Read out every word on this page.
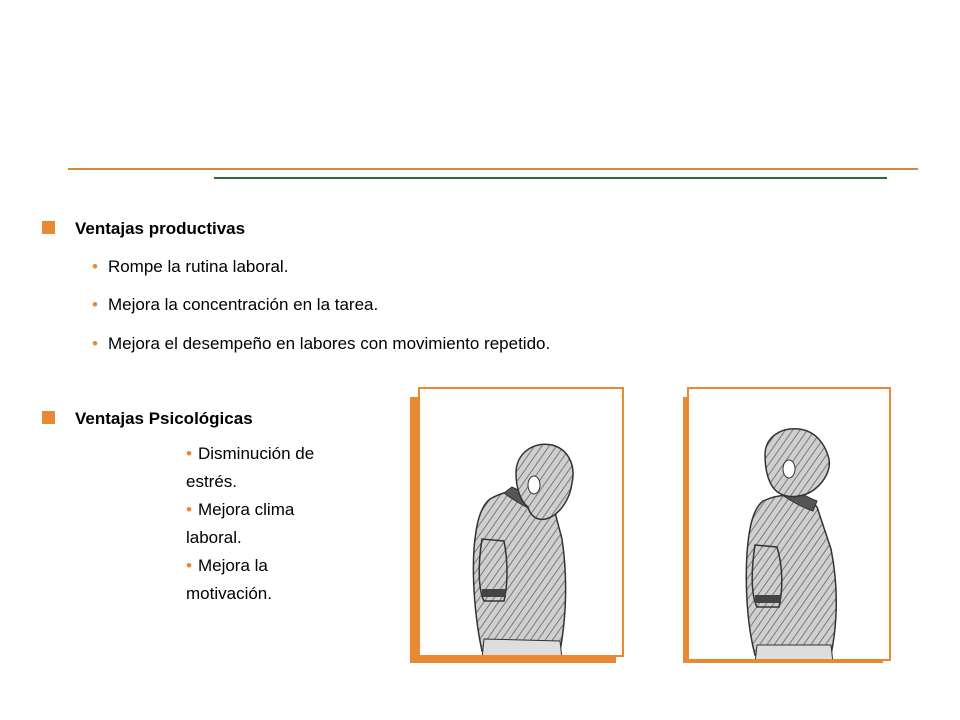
Ventajas productivas
• Rompe la rutina laboral.
• Mejora la concentración en la tarea.
• Mejora el desempeño en labores con movimiento repetido.
Ventajas Psicológicas
• Disminución de
estrés.
• Mejora clima
laboral.
• Mejora la
motivación.
